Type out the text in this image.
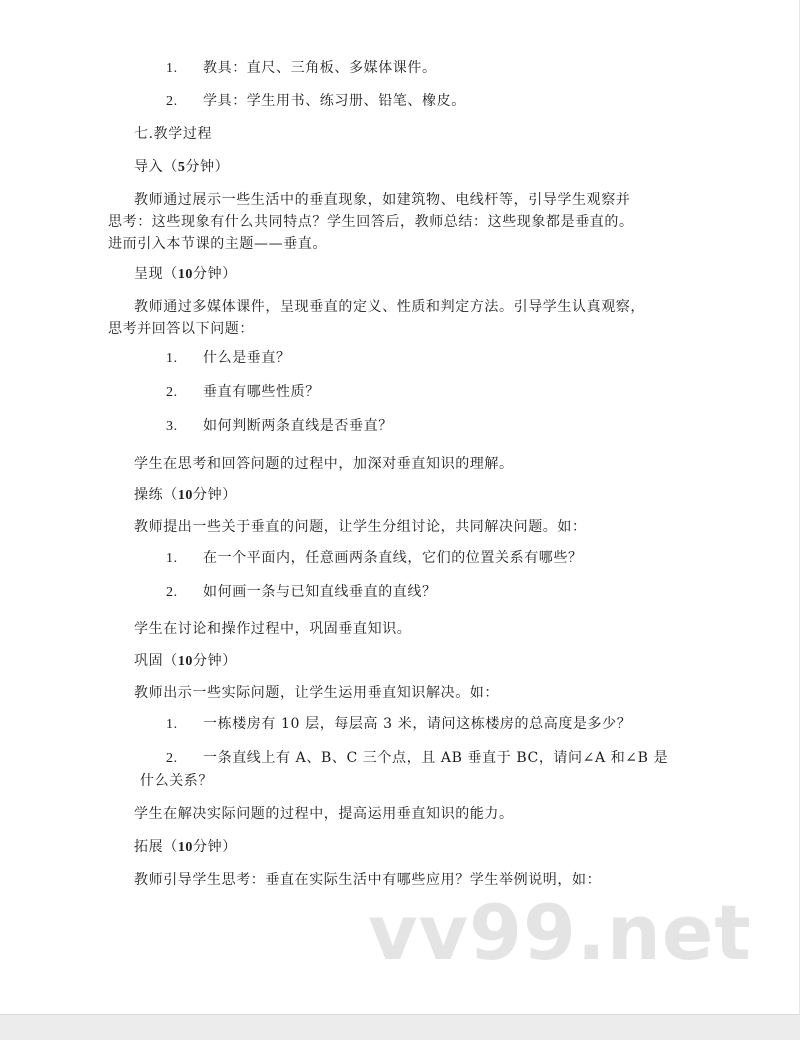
1. 教具：直尺、三角板、多媒体课件。
2. 学具：学生用书、练习册、铅笔、橡皮。
七.教学过程
导入（5分钟）
教师通过展示一些生活中的垂直现象，如建筑物、电线杆等，引导学生观察并
思考：这些现象有什么共同特点？学生回答后，教师总结：这些现象都是垂直的。
进而引入本节课的主题——垂直。
呈现（10分钟）
教师通过多媒体课件，呈现垂直的定义、性质和判定方法。引导学生认真观察，
思考并回答以下问题：
1. 什么是垂直？
2. 垂直有哪些性质？
3. 如何判断两条直线是否垂直？
学生在思考和回答问题的过程中，加深对垂直知识的理解。
操练（10分钟）
教师提出一些关于垂直的问题，让学生分组讨论，共同解决问题。如：
1. 在一个平面内，任意画两条直线，它们的位置关系有哪些？
2. 如何画一条与已知直线垂直的直线？
学生在讨论和操作过程中，巩固垂直知识。
巩固（10分钟）
教师出示一些实际问题，让学生运用垂直知识解决。如：
1. 一栋楼房有 10 层，每层高 3 米，请问这栋楼房的总高度是多少？
2. 一条直线上有 A、B、C 三个点，且 AB 垂直于 BC，请问∠A 和∠B 是
什么关系？
学生在解决实际问题的过程中，提高运用垂直知识的能力。
拓展（10分钟）
教师引导学生思考：垂直在实际生活中有哪些应用？学生举例说明，如：
vv99.net
